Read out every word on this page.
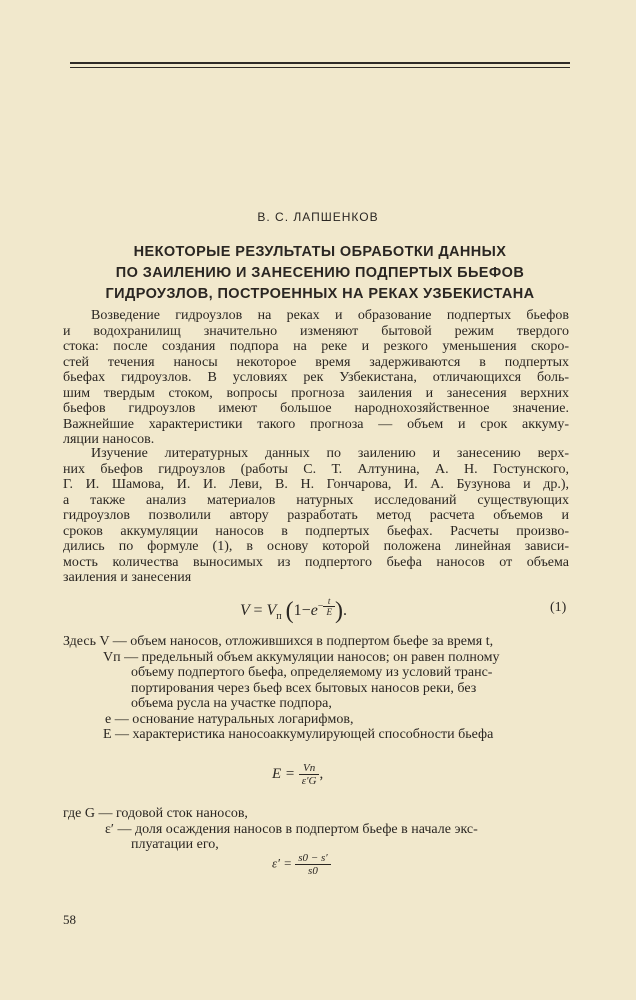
В. С. ЛАПШЕНКОВ
НЕКОТОРЫЕ РЕЗУЛЬТАТЫ ОБРАБОТКИ ДАННЫХ
ПО ЗАИЛЕНИЮ И ЗАНЕСЕНИЮ ПОДПЕРТЫХ БЬЕФОВ
ГИДРОУЗЛОВ, ПОСТРОЕННЫХ НА РЕКАХ УЗБЕКИСТАНА
Возведение гидроузлов на реках и образование подпертых бьефов
и водохранилищ значительно изменяют бытовой режим твердого
стока: после создания подпора на реке и резкого уменьшения скоро-
стей течения наносы некоторое время задерживаются в подпертых
бьефах гидроузлов. В условиях рек Узбекистана, отличающихся боль-
шим твердым стоком, вопросы прогноза заиления и занесения верхних
бьефов гидроузлов имеют большое народнохозяйственное значение.
Важнейшие характеристики такого прогноза — объем и срок аккуму-
ляции наносов.
Изучение литературных данных по заилению и занесению верх-
них бьефов гидроузлов (работы С. Т. Алтунина, А. Н. Гостунского,
Г. И. Шамова, И. И. Леви, В. Н. Гончарова, И. А. Бузунова и др.),
а также анализ материалов натурных исследований существующих
гидроузлов позволили автору разработать метод расчета объемов и
сроков аккумуляции наносов в подпертых бьефах. Расчеты произво-
дились по формуле (1), в основу которой положена линейная зависи-
мость количества выносимых из подпертого бьефа наносов от объема
заиления и занесения
$V = V_п$ ($1-e^{- \frac{t}{E}}$ ).	(1)
Здесь V — объем наносов, отложившихся в подпертом бьефе за время t,
Vп — предельный объем аккумуляции наносов; он равен полному
объему подпертого бьефа, определяемому из условий транс-
портирования через бьеф всех бытовых наносов реки, без
объема русла на участке подпора,
e — основание натуральных логарифмов,
E — характеристика наносоаккумулирующей способности бьефа
$E = \frac{Vп}{\varepsilon'G}$ ,
где G — годовой сток наносов,
ε′ — доля осаждения наносов в подпертом бьефе в начале экс-
плуатации его,
$\varepsilon' = \frac{s0 - s'}{s0}$
58
